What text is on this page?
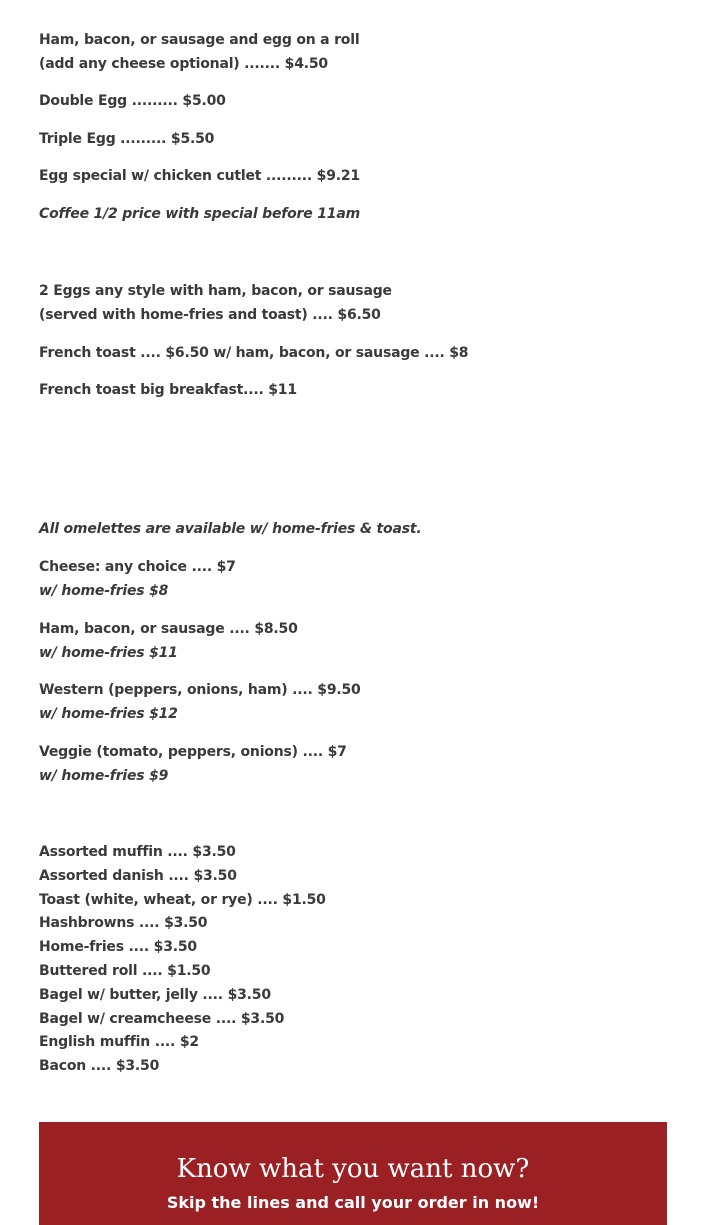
Ham, bacon, or sausage and egg on a roll
(add any cheese optional) ....... $4.50
Double Egg ......... $5.00
Triple Egg ......... $5.50
Egg special w/ chicken cutlet ......... $9.21
Coffee 1/2 price with special before 11am
2 Eggs any style with ham, bacon, or sausage
(served with home-fries and toast) .... $6.50
French toast .... $6.50 w/ ham, bacon, or sausage .... $8
French toast big breakfast.... $11
All omelettes are available w/ home-fries & toast.
Cheese: any choice .... $7
w/ home-fries $8
Ham, bacon, or sausage .... $8.50
w/ home-fries $11
Western (peppers, onions, ham) .... $9.50
w/ home-fries $12
Veggie (tomato, peppers, onions) .... $7
w/ home-fries $9
Assorted muffin .... $3.50
Assorted danish .... $3.50
Toast (white, wheat, or rye) .... $1.50
Hashbrowns .... $3.50
Home-fries .... $3.50
Buttered roll .... $1.50
Bagel w/ butter, jelly .... $3.50
Bagel w/ creamcheese .... $3.50
English muffin .... $2
Bacon .... $3.50
Know what you want now?
Skip the lines and call your order in now!
